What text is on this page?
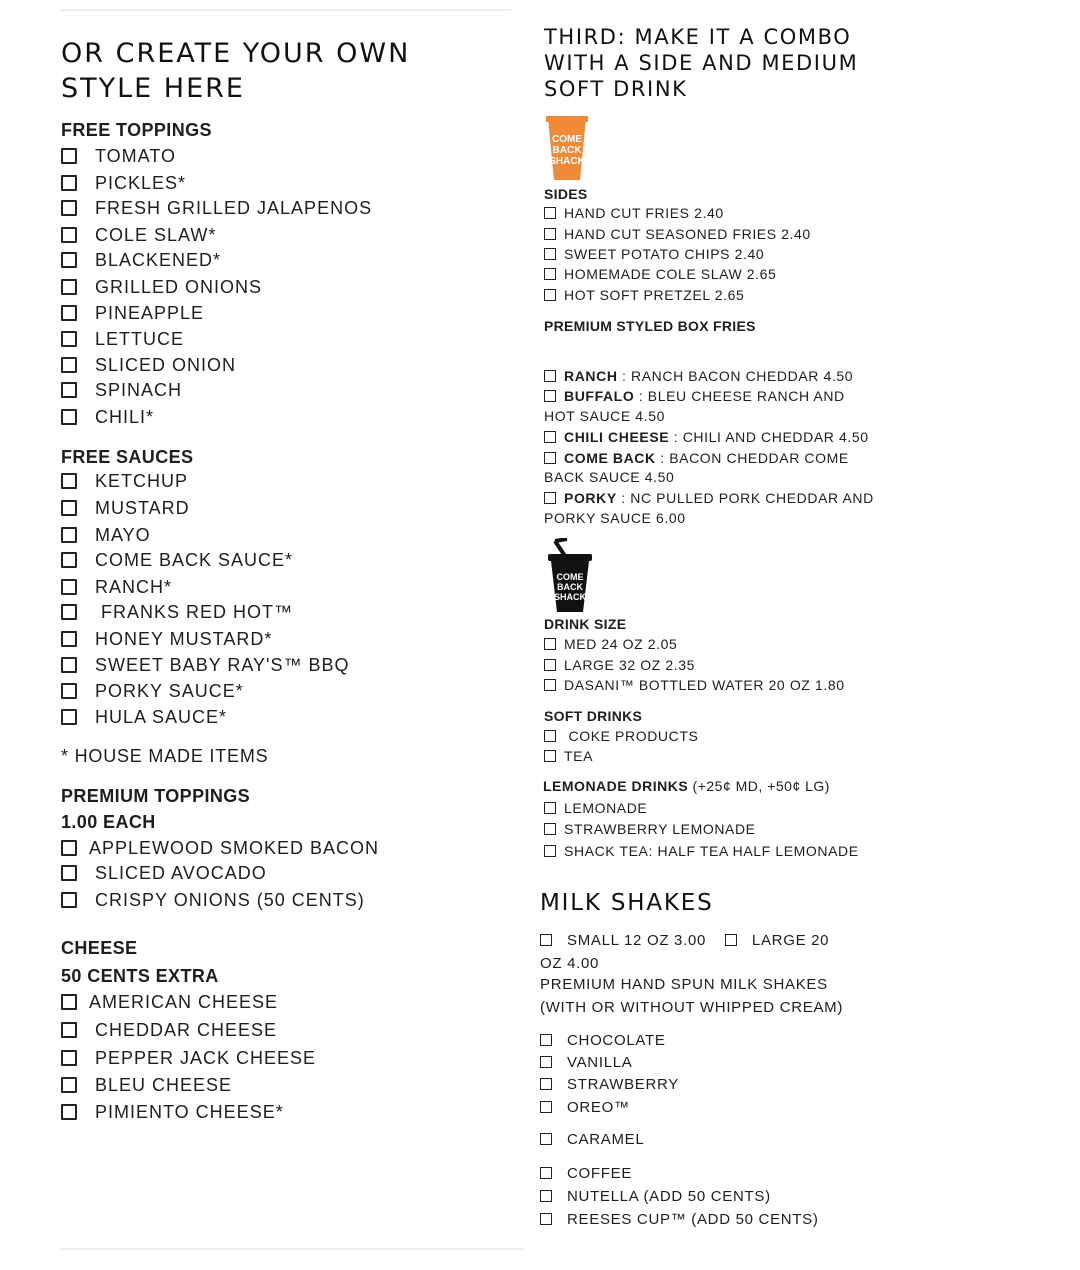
OR CREATE YOUR OWN
STYLE HERE
FREE TOPPINGS
TOMATO
PICKLES*
FRESH GRILLED JALAPENOS
COLE SLAW*
BLACKENED*
GRILLED ONIONS
PINEAPPLE
LETTUCE
SLICED ONION
SPINACH
CHILI*
FREE SAUCES
KETCHUP
MUSTARD
MAYO
COME BACK SAUCE*
RANCH*
FRANKS RED HOT™
HONEY MUSTARD*
SWEET BABY RAY'S™ BBQ
PORKY SAUCE*
HULA SAUCE*
* HOUSE MADE ITEMS
PREMIUM TOPPINGS
1.00 EACH
APPLEWOOD SMOKED BACON
SLICED AVOCADO
CRISPY ONIONS (50 CENTS)
CHEESE
50 CENTS EXTRA
AMERICAN CHEESE
CHEDDAR CHEESE
PEPPER JACK CHEESE
BLEU CHEESE
PIMIENTO CHEESE*
THIRD: MAKE IT A COMBO
WITH A SIDE AND MEDIUM
SOFT DRINK
COME
BACK
SHACK
SIDES
HAND CUT FRIES 2.40
HAND CUT SEASONED FRIES 2.40
SWEET POTATO CHIPS 2.40
HOMEMADE COLE SLAW 2.65
HOT SOFT PRETZEL 2.65
PREMIUM STYLED BOX FRIES
RANCH : RANCH BACON CHEDDAR 4.50
BUFFALO : BLEU CHEESE RANCH AND
HOT SAUCE 4.50
CHILI CHEESE : CHILI AND CHEDDAR 4.50
COME BACK : BACON CHEDDAR COME
BACK SAUCE 4.50
PORKY : NC PULLED PORK CHEDDAR AND
PORKY SAUCE 6.00
COME
BACK
SHACK
DRINK SIZE
MED 24 OZ 2.05
LARGE 32 OZ 2.35
DASANI™ BOTTLED WATER 20 OZ 1.80
SOFT DRINKS
COKE PRODUCTS
TEA
LEMONADE DRINKS (+25¢ MD, +50¢ LG)
LEMONADE
STRAWBERRY LEMONADE
SHACK TEA: HALF TEA HALF LEMONADE
MILK SHAKES
SMALL 12 OZ 3.00	LARGE 20
OZ 4.00
PREMIUM HAND SPUN MILK SHAKES
(WITH OR WITHOUT WHIPPED CREAM)
CHOCOLATE
VANILLA
STRAWBERRY
OREO™
CARAMEL
COFFEE
NUTELLA (ADD 50 CENTS)
REESES CUP™ (ADD 50 CENTS)
